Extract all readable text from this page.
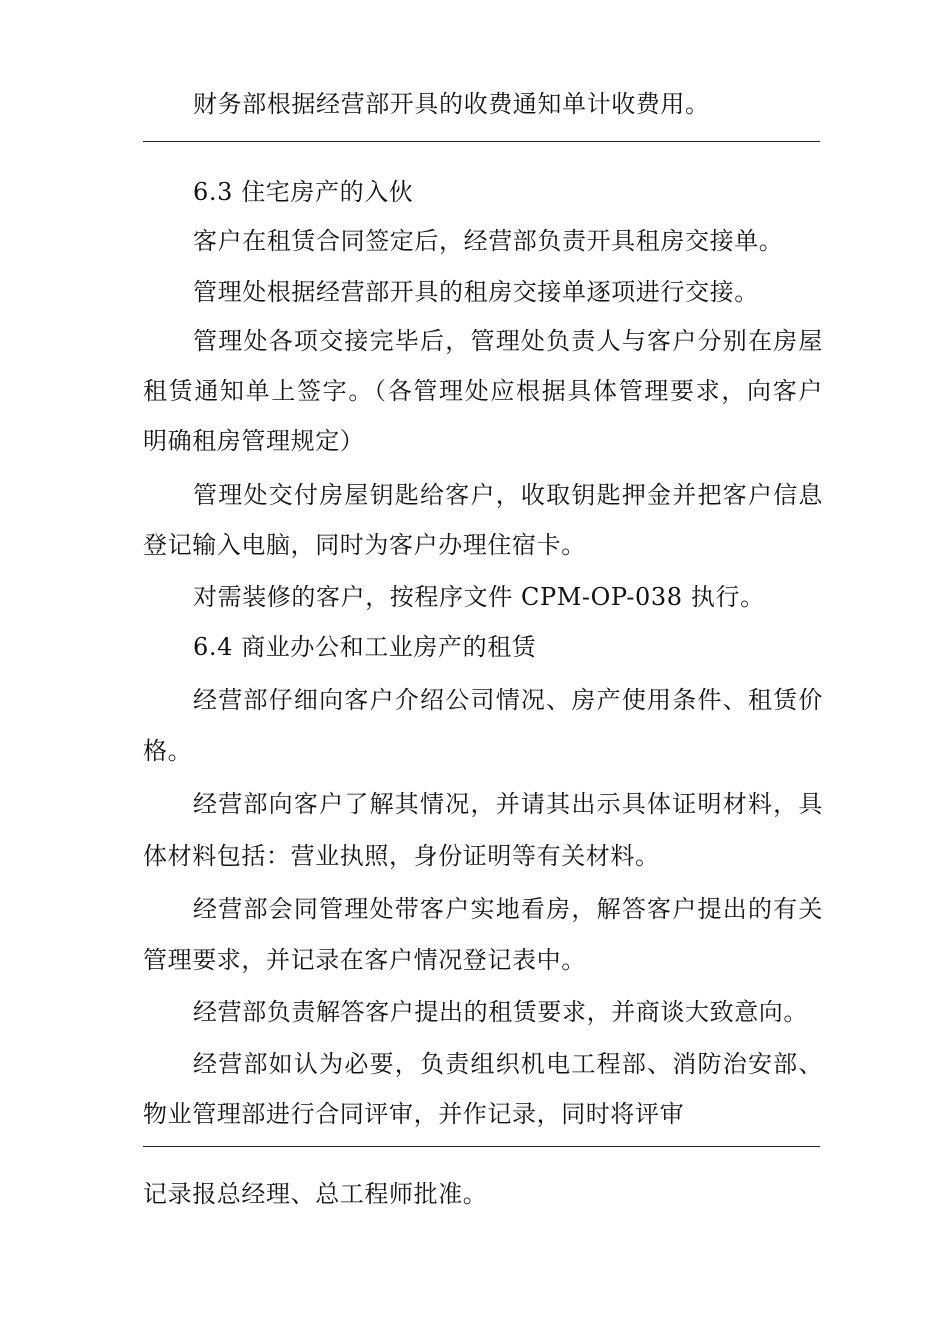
财务部根据经营部开具的收费通知单计收费用。
6.3 住宅房产的入伙
客户在租赁合同签定后，经营部负责开具租房交接单。
管理处根据经营部开具的租房交接单逐项进行交接。
管理处各项交接完毕后，管理处负责人与客户分别在房屋
租赁通知单上签字。（各管理处应根据具体管理要求，向客户
明确租房管理规定）
管理处交付房屋钥匙给客户，收取钥匙押金并把客户信息
登记输入电脑，同时为客户办理住宿卡。
对需装修的客户，按程序文件 CPM-OP-038 执行。
6.4 商业办公和工业房产的租赁
经营部仔细向客户介绍公司情况、房产使用条件、租赁价
格。
经营部向客户了解其情况，并请其出示具体证明材料，具
体材料包括：营业执照，身份证明等有关材料。
经营部会同管理处带客户实地看房，解答客户提出的有关
管理要求，并记录在客户情况登记表中。
经营部负责解答客户提出的租赁要求，并商谈大致意向。
经营部如认为必要，负责组织机电工程部、消防治安部、
物业管理部进行合同评审，并作记录，同时将评审
记录报总经理、总工程师批准。
